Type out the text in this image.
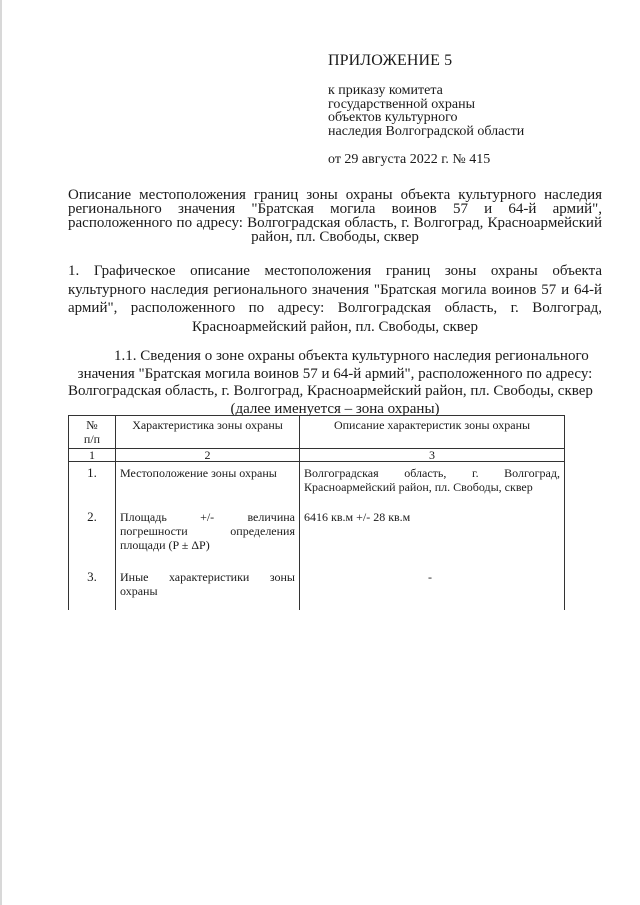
ПРИЛОЖЕНИЕ 5
к приказу комитета
государственной охраны
объектов культурного
наследия Волгоградской области
от 29 августа 2022 г. № 415
Описание местоположения границ зоны охраны объекта культурного наследия
регионального значения "Братская могила воинов 57 и 64-й армий",
расположенного по адресу: Волгоградская область, г. Волгоград, Красноармейский
район, пл. Свободы, сквер
1. Графическое описание местоположения границ зоны охраны объекта
культурного наследия регионального значения "Братская могила воинов 57 и 64-й
армий", расположенного по адресу: Волгоградская область, г. Волгоград,
Красноармейский район, пл. Свободы, сквер
1.1. Сведения о зоне охраны объекта культурного наследия регионального
значения "Братская могила воинов 57 и 64-й армий", расположенного по адресу:
Волгоградская область, г. Волгоград, Красноармейский район, пл. Свободы, сквер
(далее именуется – зона охраны)
№
п/п	Характеристика зоны охраны	Описание характеристик зоны охраны
1	2	3
1.	Местоположение зоны охраны	Волгоградская область, г. Волгоград,
Красноармейский район, пл. Свободы, сквер

2.	Площадь +/- величина
погрешности определения
площади (P ± ΔP)	6416 кв.м +/- 28 кв.м

3.	Иные характеристики зоны
охраны	-
